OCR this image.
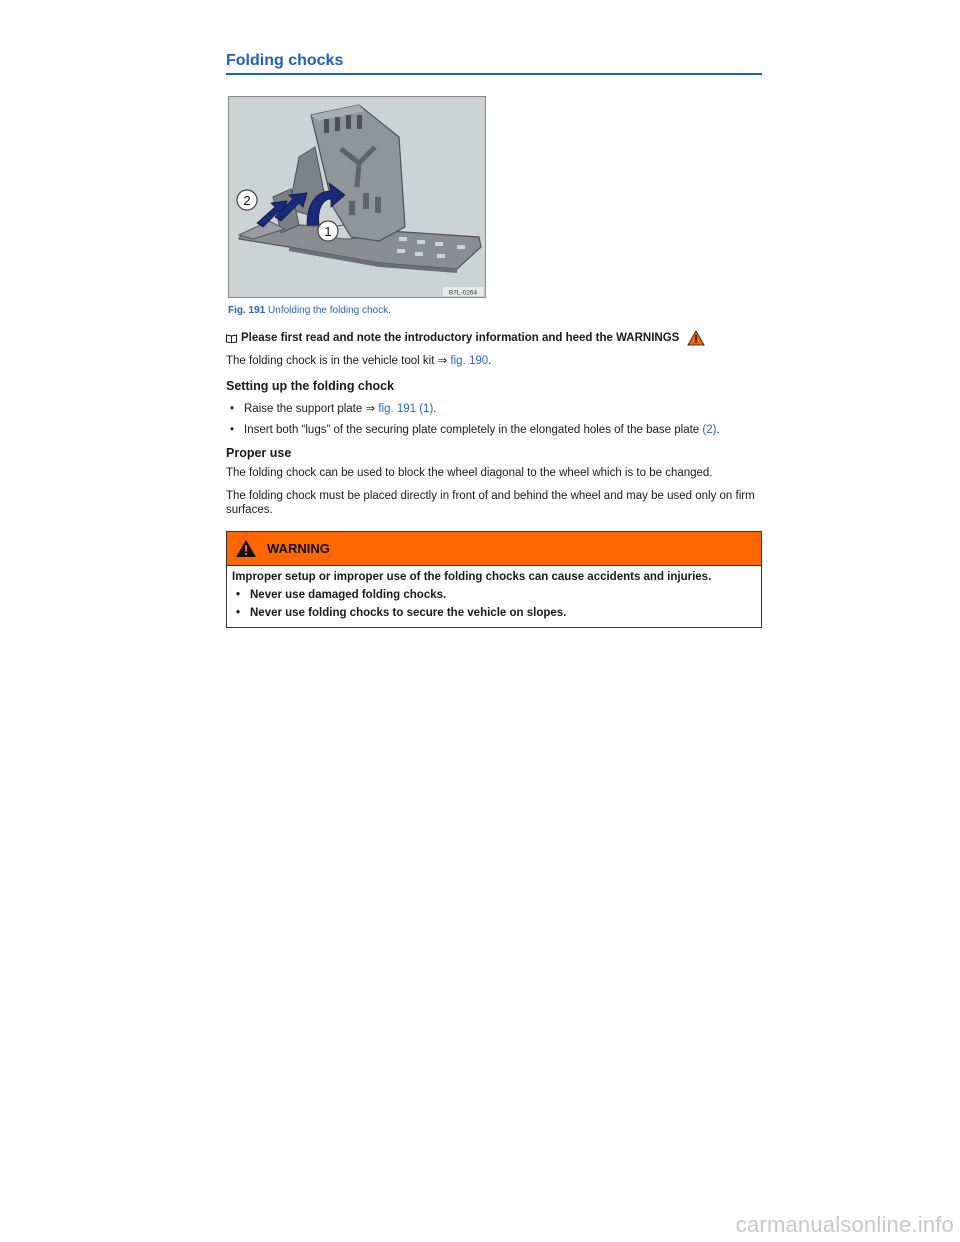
Folding chocks
2
1
B7L-0264
Fig. 191 Unfolding the folding chock.
Please first read and note the introductory information and heed the WARNINGS
The folding chock is in the vehicle tool kit ⇒ fig. 190.
Setting up the folding chock
• Raise the support plate ⇒ fig. 191 (1).
• Insert both “lugs” of the securing plate completely in the elongated holes of the base plate (2).
Proper use
The folding chock can be used to block the wheel diagonal to the wheel which is to be changed.
The folding chock must be placed directly in front of and behind the wheel and may be used only on firm surfaces.
WARNING
Improper setup or improper use of the folding chocks can cause accidents and injuries.
• Never use damaged folding chocks.
• Never use folding chocks to secure the vehicle on slopes.
carmanualsonline.info
